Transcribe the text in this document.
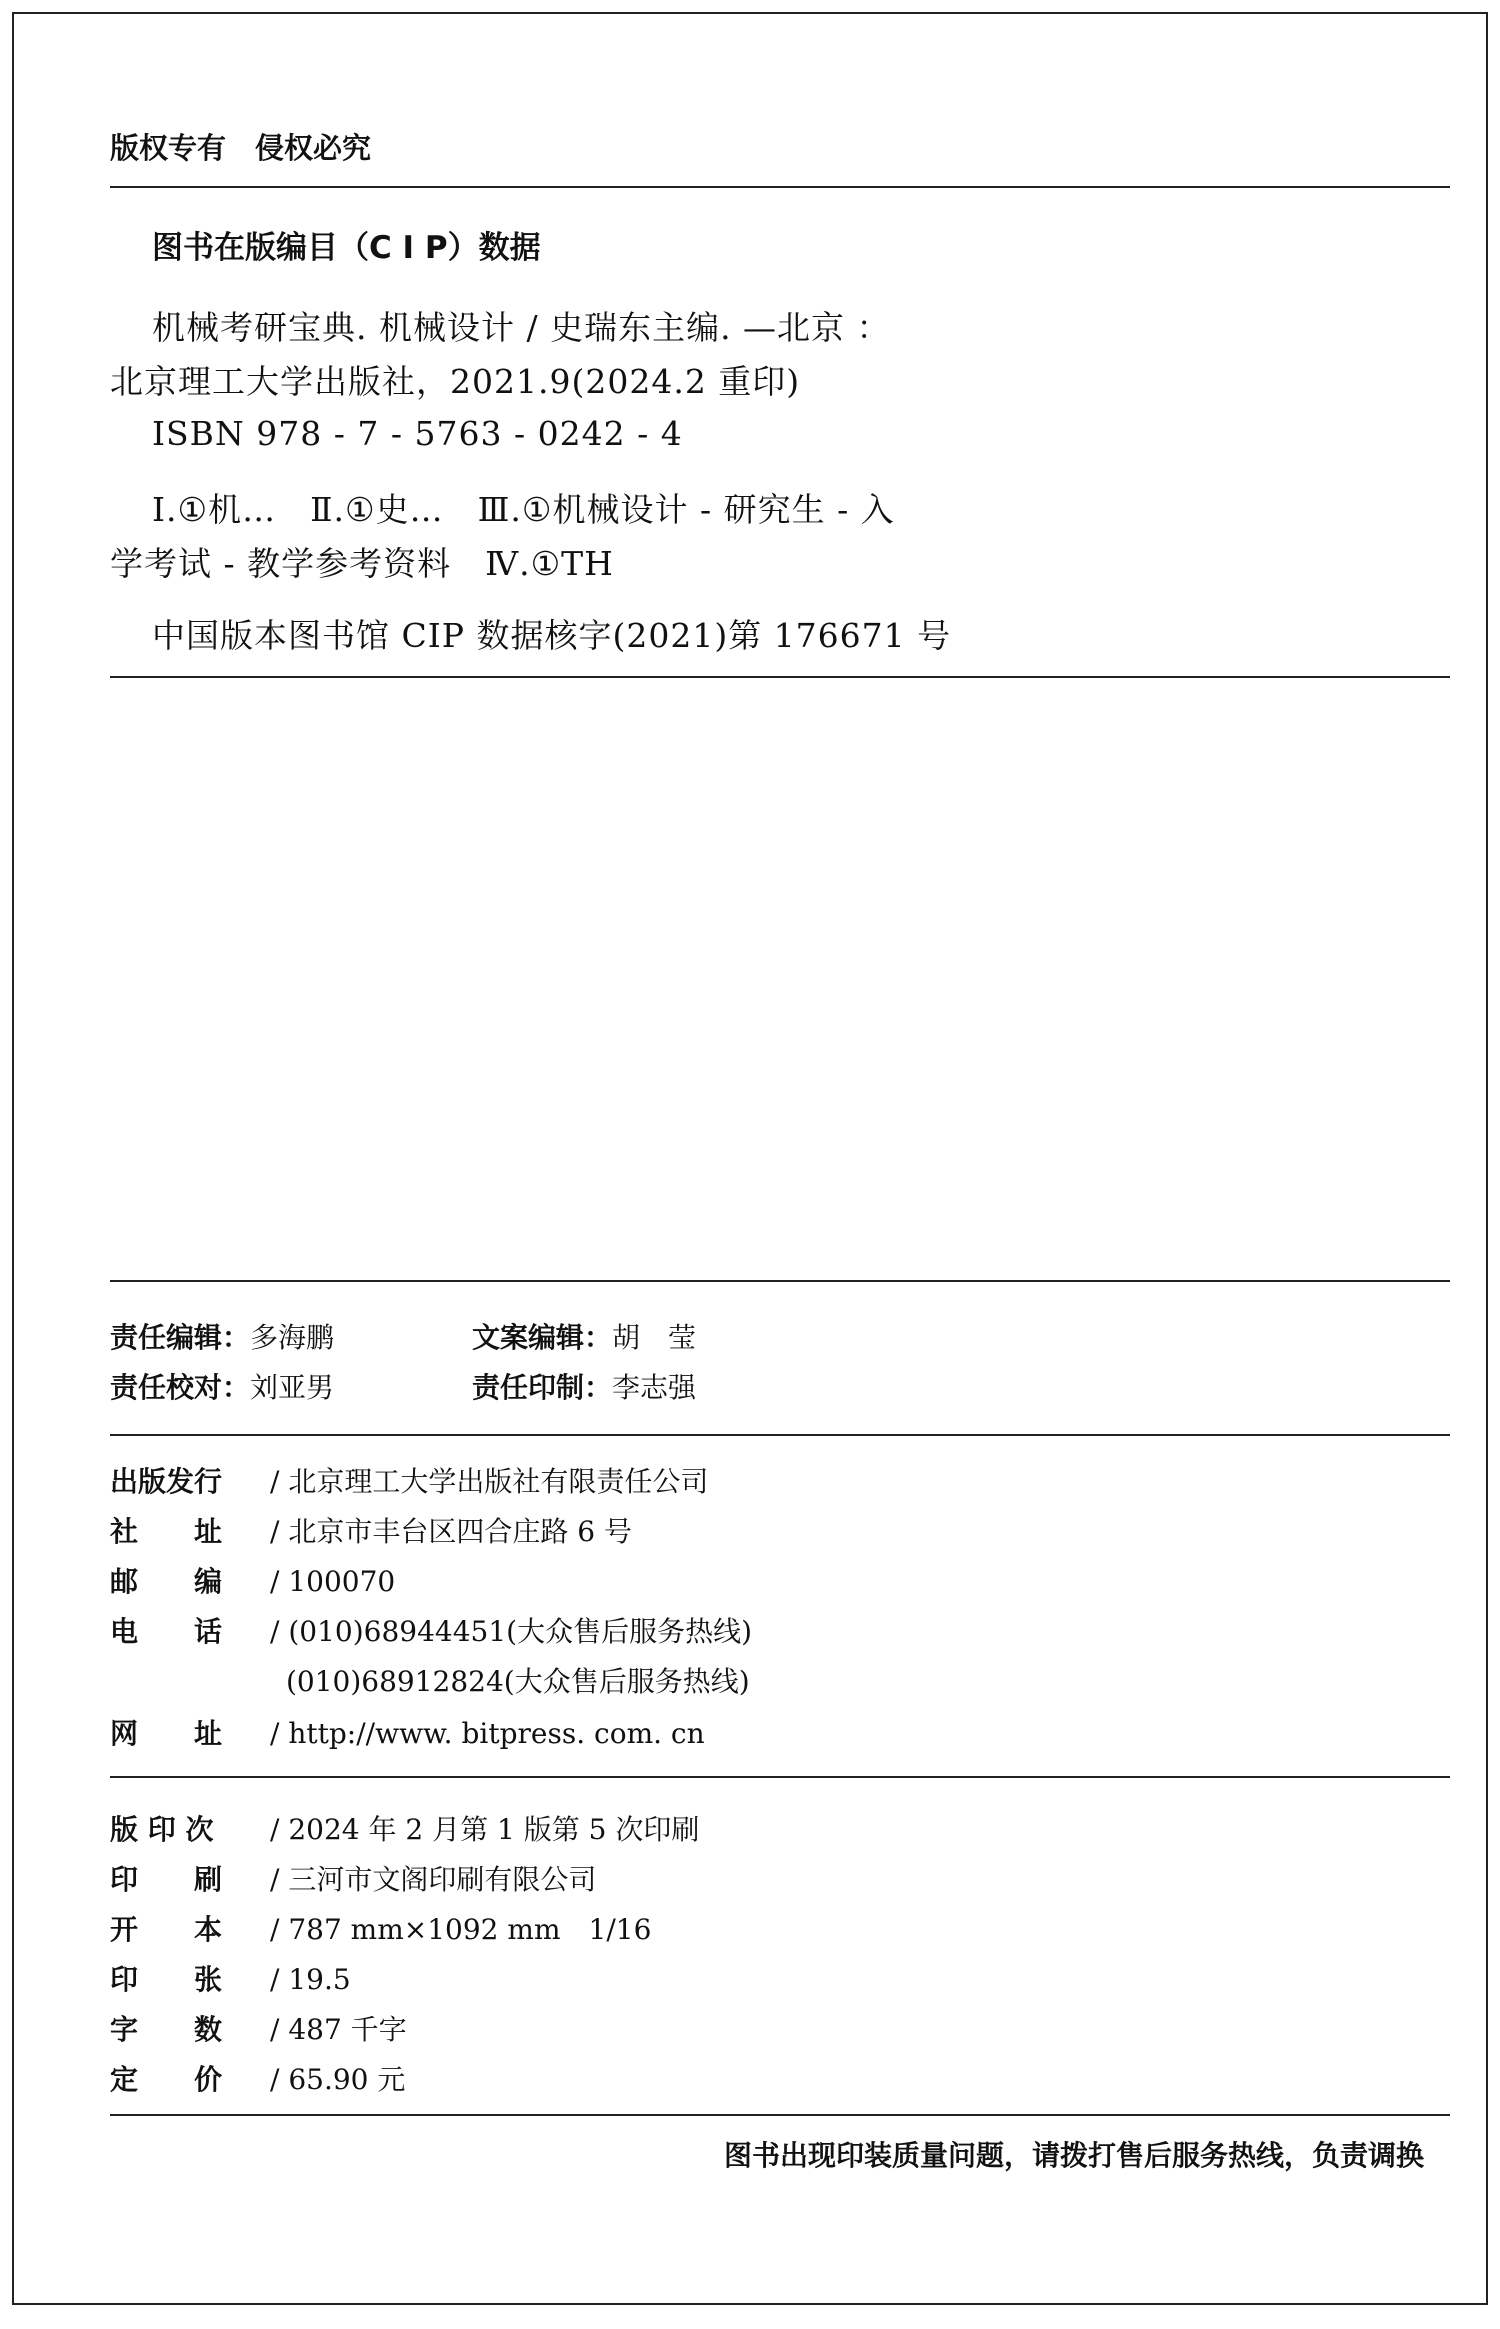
版权专有　侵权必究
图书在版编目（C I P）数据
机械考研宝典. 机械设计 / 史瑞东主编. —北京 ：
北京理工大学出版社，2021.9(2024.2 重印)
ISBN 978 - 7 - 5763 - 0242 - 4
Ⅰ.①机…　Ⅱ.①史…　Ⅲ.①机械设计 - 研究生 - 入
学考试 - 教学参考资料　Ⅳ.①TH
中国版本图书馆 CIP 数据核字(2021)第 176671 号
责任编辑：多海鹏	文案编辑：胡　莹
责任校对：刘亚男	责任印制：李志强
出版发行 / 北京理工大学出版社有限责任公司
社　　址 / 北京市丰台区四合庄路 6 号
邮　　编 / 100070
电　　话 / (010)68944451(大众售后服务热线)
(010)68912824(大众售后服务热线)
网　　址 / http://www. bitpress. com. cn
版 印 次 / 2024 年 2 月第 1 版第 5 次印刷
印　　刷 / 三河市文阁印刷有限公司
开　　本 / 787 mm×1092 mm　1/16
印　　张 / 19.5
字　　数 / 487 千字
定　　价 / 65.90 元
图书出现印装质量问题，请拨打售后服务热线，负责调换
